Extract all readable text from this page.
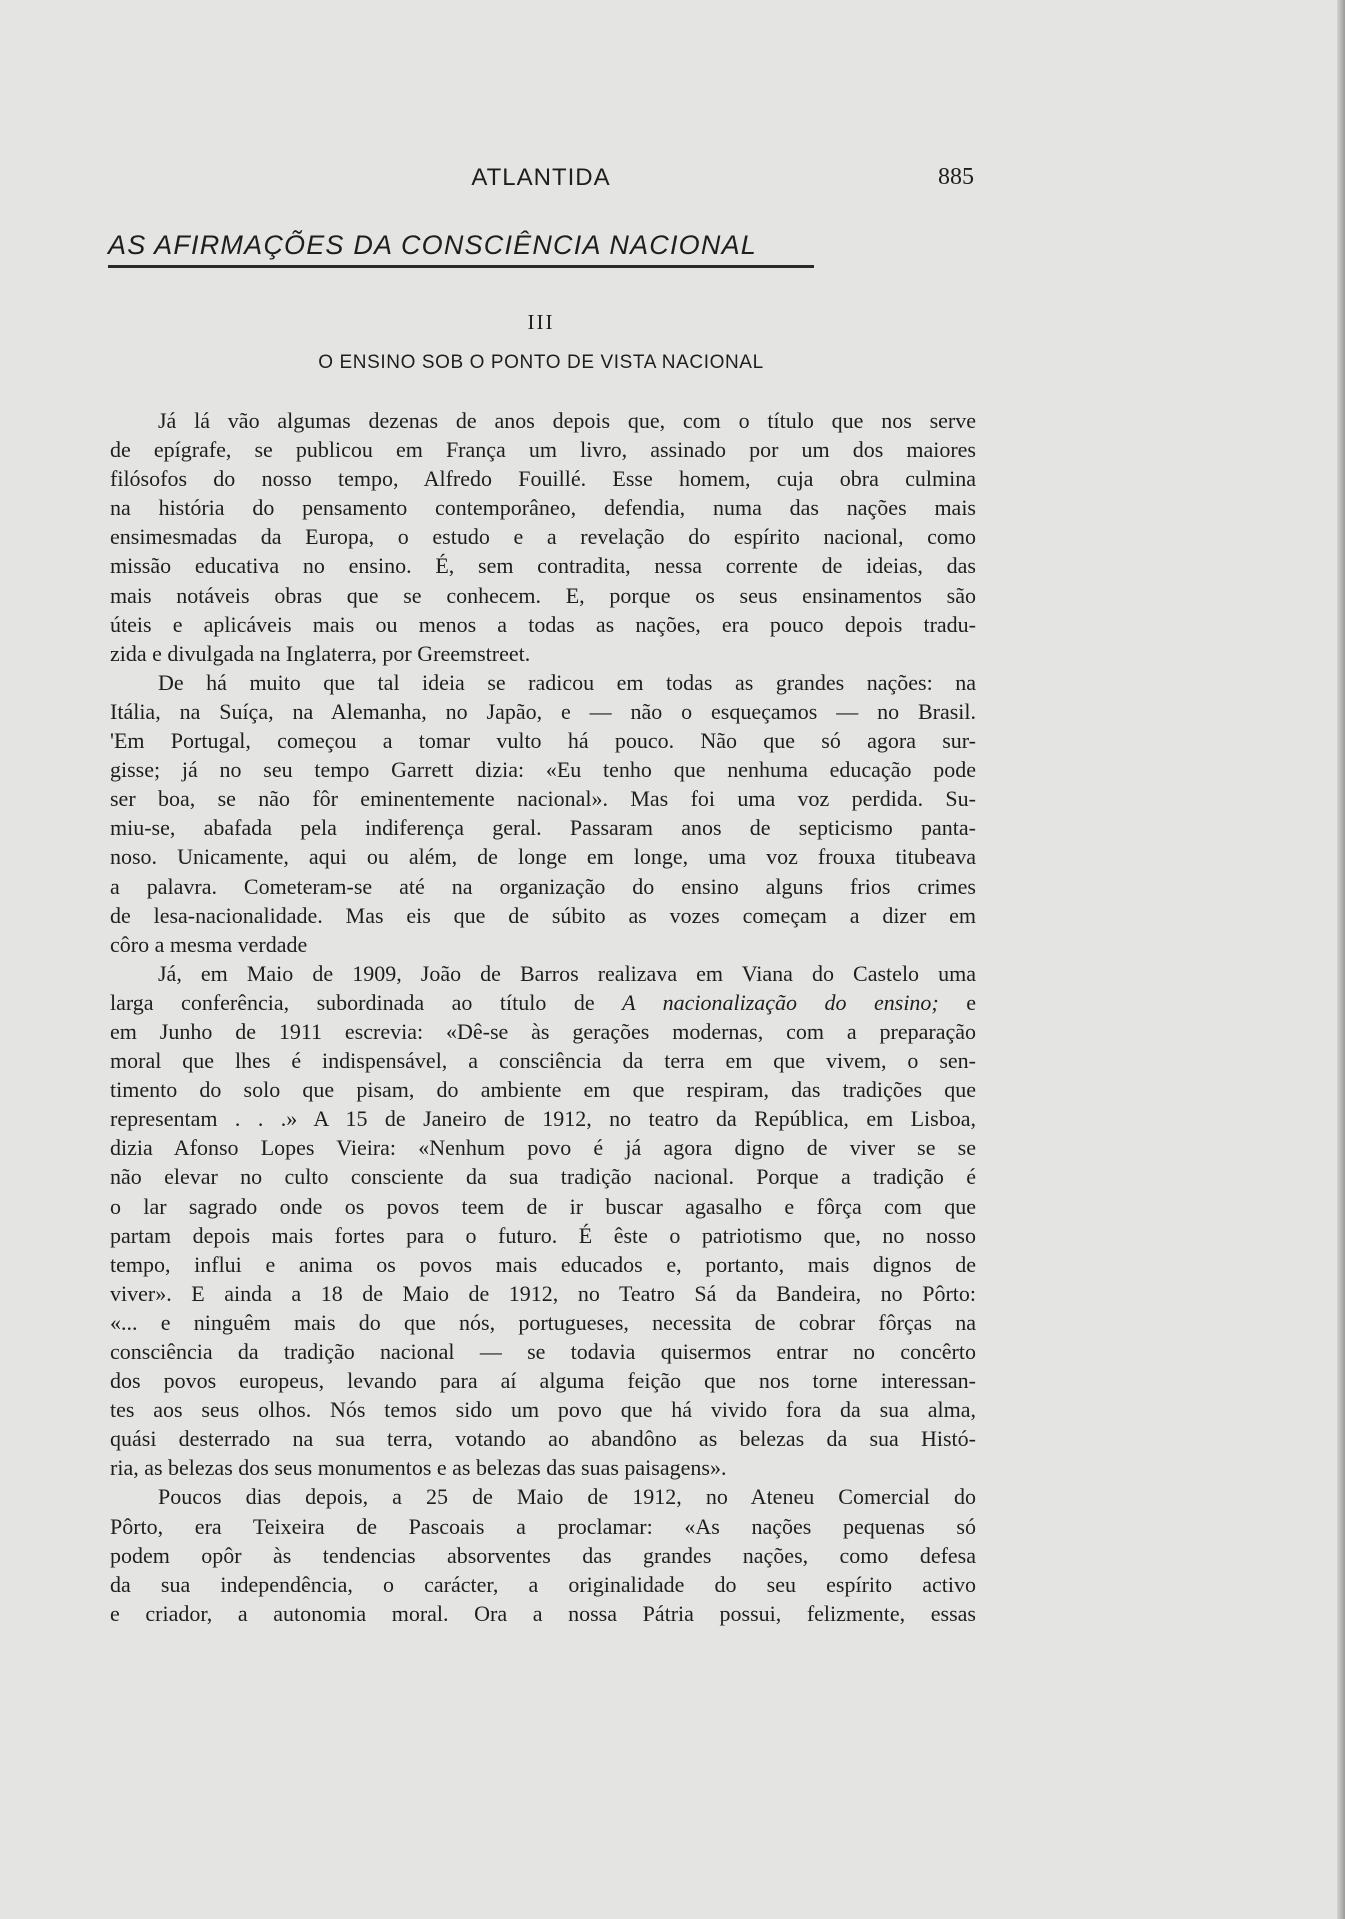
ATLANTIDA	885
AS AFIRMAÇÕES DA CONSCIÊNCIA NACIONAL
III
O ENSINO SOB O PONTO DE VISTA NACIONAL
Já lá vão algumas dezenas de anos depois que, com o título que nos serve
de epígrafe, se publicou em França um livro, assinado por um dos maiores
filósofos do nosso tempo, Alfredo Fouillé. Esse homem, cuja obra culmina
na história do pensamento contemporâneo, defendia, numa das nações mais
ensimesmadas da Europa, o estudo e a revelação do espírito nacional, como
missão educativa no ensino. É, sem contradita, nessa corrente de ideias, das
mais notáveis obras que se conhecem. E, porque os seus ensinamentos são
úteis e aplicáveis mais ou menos a todas as nações, era pouco depois tradu-
zida e divulgada na Inglaterra, por Greemstreet.
De há muito que tal ideia se radicou em todas as grandes nações: na
Itália, na Suíça, na Alemanha, no Japão, e — não o esqueçamos — no Brasil.
'Em Portugal, começou a tomar vulto há pouco. Não que só agora sur-
gisse; já no seu tempo Garrett dizia: «Eu tenho que nenhuma educação pode
ser boa, se não fôr eminentemente nacional». Mas foi uma voz perdida. Su-
miu-se, abafada pela indiferença geral. Passaram anos de septicismo panta-
noso. Unicamente, aqui ou além, de longe em longe, uma voz frouxa titubeava
a palavra. Cometeram-se até na organização do ensino alguns frios crimes
de lesa-nacionalidade. Mas eis que de súbito as vozes começam a dizer em
côro a mesma verdade
Já, em Maio de 1909, João de Barros realizava em Viana do Castelo uma
larga conferência, subordinada ao título de A nacionalização do ensino; e
em Junho de 1911 escrevia: «Dê-se às gerações modernas, com a preparação
moral que lhes é indispensável, a consciência da terra em que vivem, o sen-
timento do solo que pisam, do ambiente em que respiram, das tradições que
representam . . .» A 15 de Janeiro de 1912, no teatro da República, em Lisboa,
dizia Afonso Lopes Vieira: «Nenhum povo é já agora digno de viver se se
não elevar no culto consciente da sua tradição nacional. Porque a tradição é
o lar sagrado onde os povos teem de ir buscar agasalho e fôrça com que
partam depois mais fortes para o futuro. É êste o patriotismo que, no nosso
tempo, influi e anima os povos mais educados e, portanto, mais dignos de
viver». E ainda a 18 de Maio de 1912, no Teatro Sá da Bandeira, no Pôrto:
«... e ninguêm mais do que nós, portugueses, necessita de cobrar fôrças na
consciência da tradição nacional — se todavia quisermos entrar no concêrto
dos povos europeus, levando para aí alguma feição que nos torne interessan-
tes aos seus olhos. Nós temos sido um povo que há vivido fora da sua alma,
quási desterrado na sua terra, votando ao abandôno as belezas da sua Histó-
ria, as belezas dos seus monumentos e as belezas das suas paisagens».
Poucos dias depois, a 25 de Maio de 1912, no Ateneu Comercial do
Pôrto, era Teixeira de Pascoais a proclamar: «As nações pequenas só
podem opôr às tendencias absorventes das grandes nações, como defesa
da sua independência, o carácter, a originalidade do seu espírito activo
e criador, a autonomia moral. Ora a nossa Pátria possui, felizmente, essas
